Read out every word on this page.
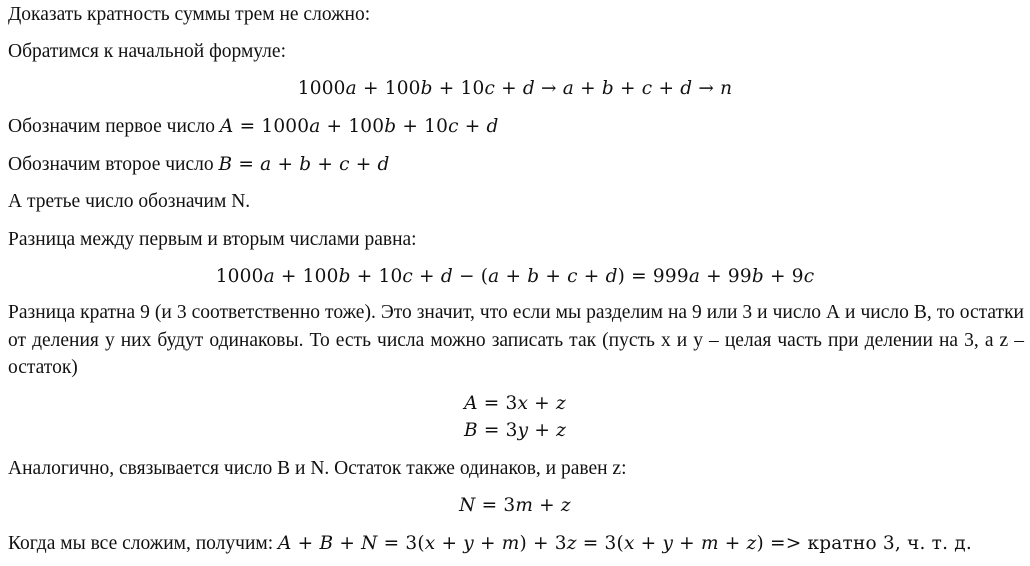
Доказать кратность суммы трем не сложно:
Обратимся к начальной формуле:
1000𝑎 + 100𝑏 + 10𝑐 + 𝑑 → 𝑎 + 𝑏 + 𝑐 + 𝑑 → 𝑛
Обозначим первое число 𝐴 = 1000𝑎 + 100𝑏 + 10𝑐 + 𝑑
Обозначим второе число 𝐵 = 𝑎 + 𝑏 + 𝑐 + 𝑑
А третье число обозначим N.
Разница между первым и вторым числами равна:
1000𝑎 + 100𝑏 + 10𝑐 + 𝑑 − (𝑎 + 𝑏 + 𝑐 + 𝑑) = 999𝑎 + 99𝑏 + 9𝑐
Разница кратна 9 (и 3 соответственно тоже). Это значит, что если мы разделим на 9 или 3 и число А и число В, то остатки от деления у них будут одинаковы. То есть числа можно записать так (пусть х и у – целая часть при делении на 3, а z – остаток)
𝐴 = 3𝑥 + 𝑧
𝐵 = 3𝑦 + 𝑧
Аналогично, связывается число В и N. Остаток также одинаков, и равен z:
𝑁 = 3𝑚 + 𝑧
Когда мы все сложим, получим: 𝐴 + 𝐵 + 𝑁 = 3(𝑥 + 𝑦 + 𝑚) + 3𝑧 = 3(𝑥 + 𝑦 + 𝑚 + 𝑧) => кратно 3, ч. т. д.
